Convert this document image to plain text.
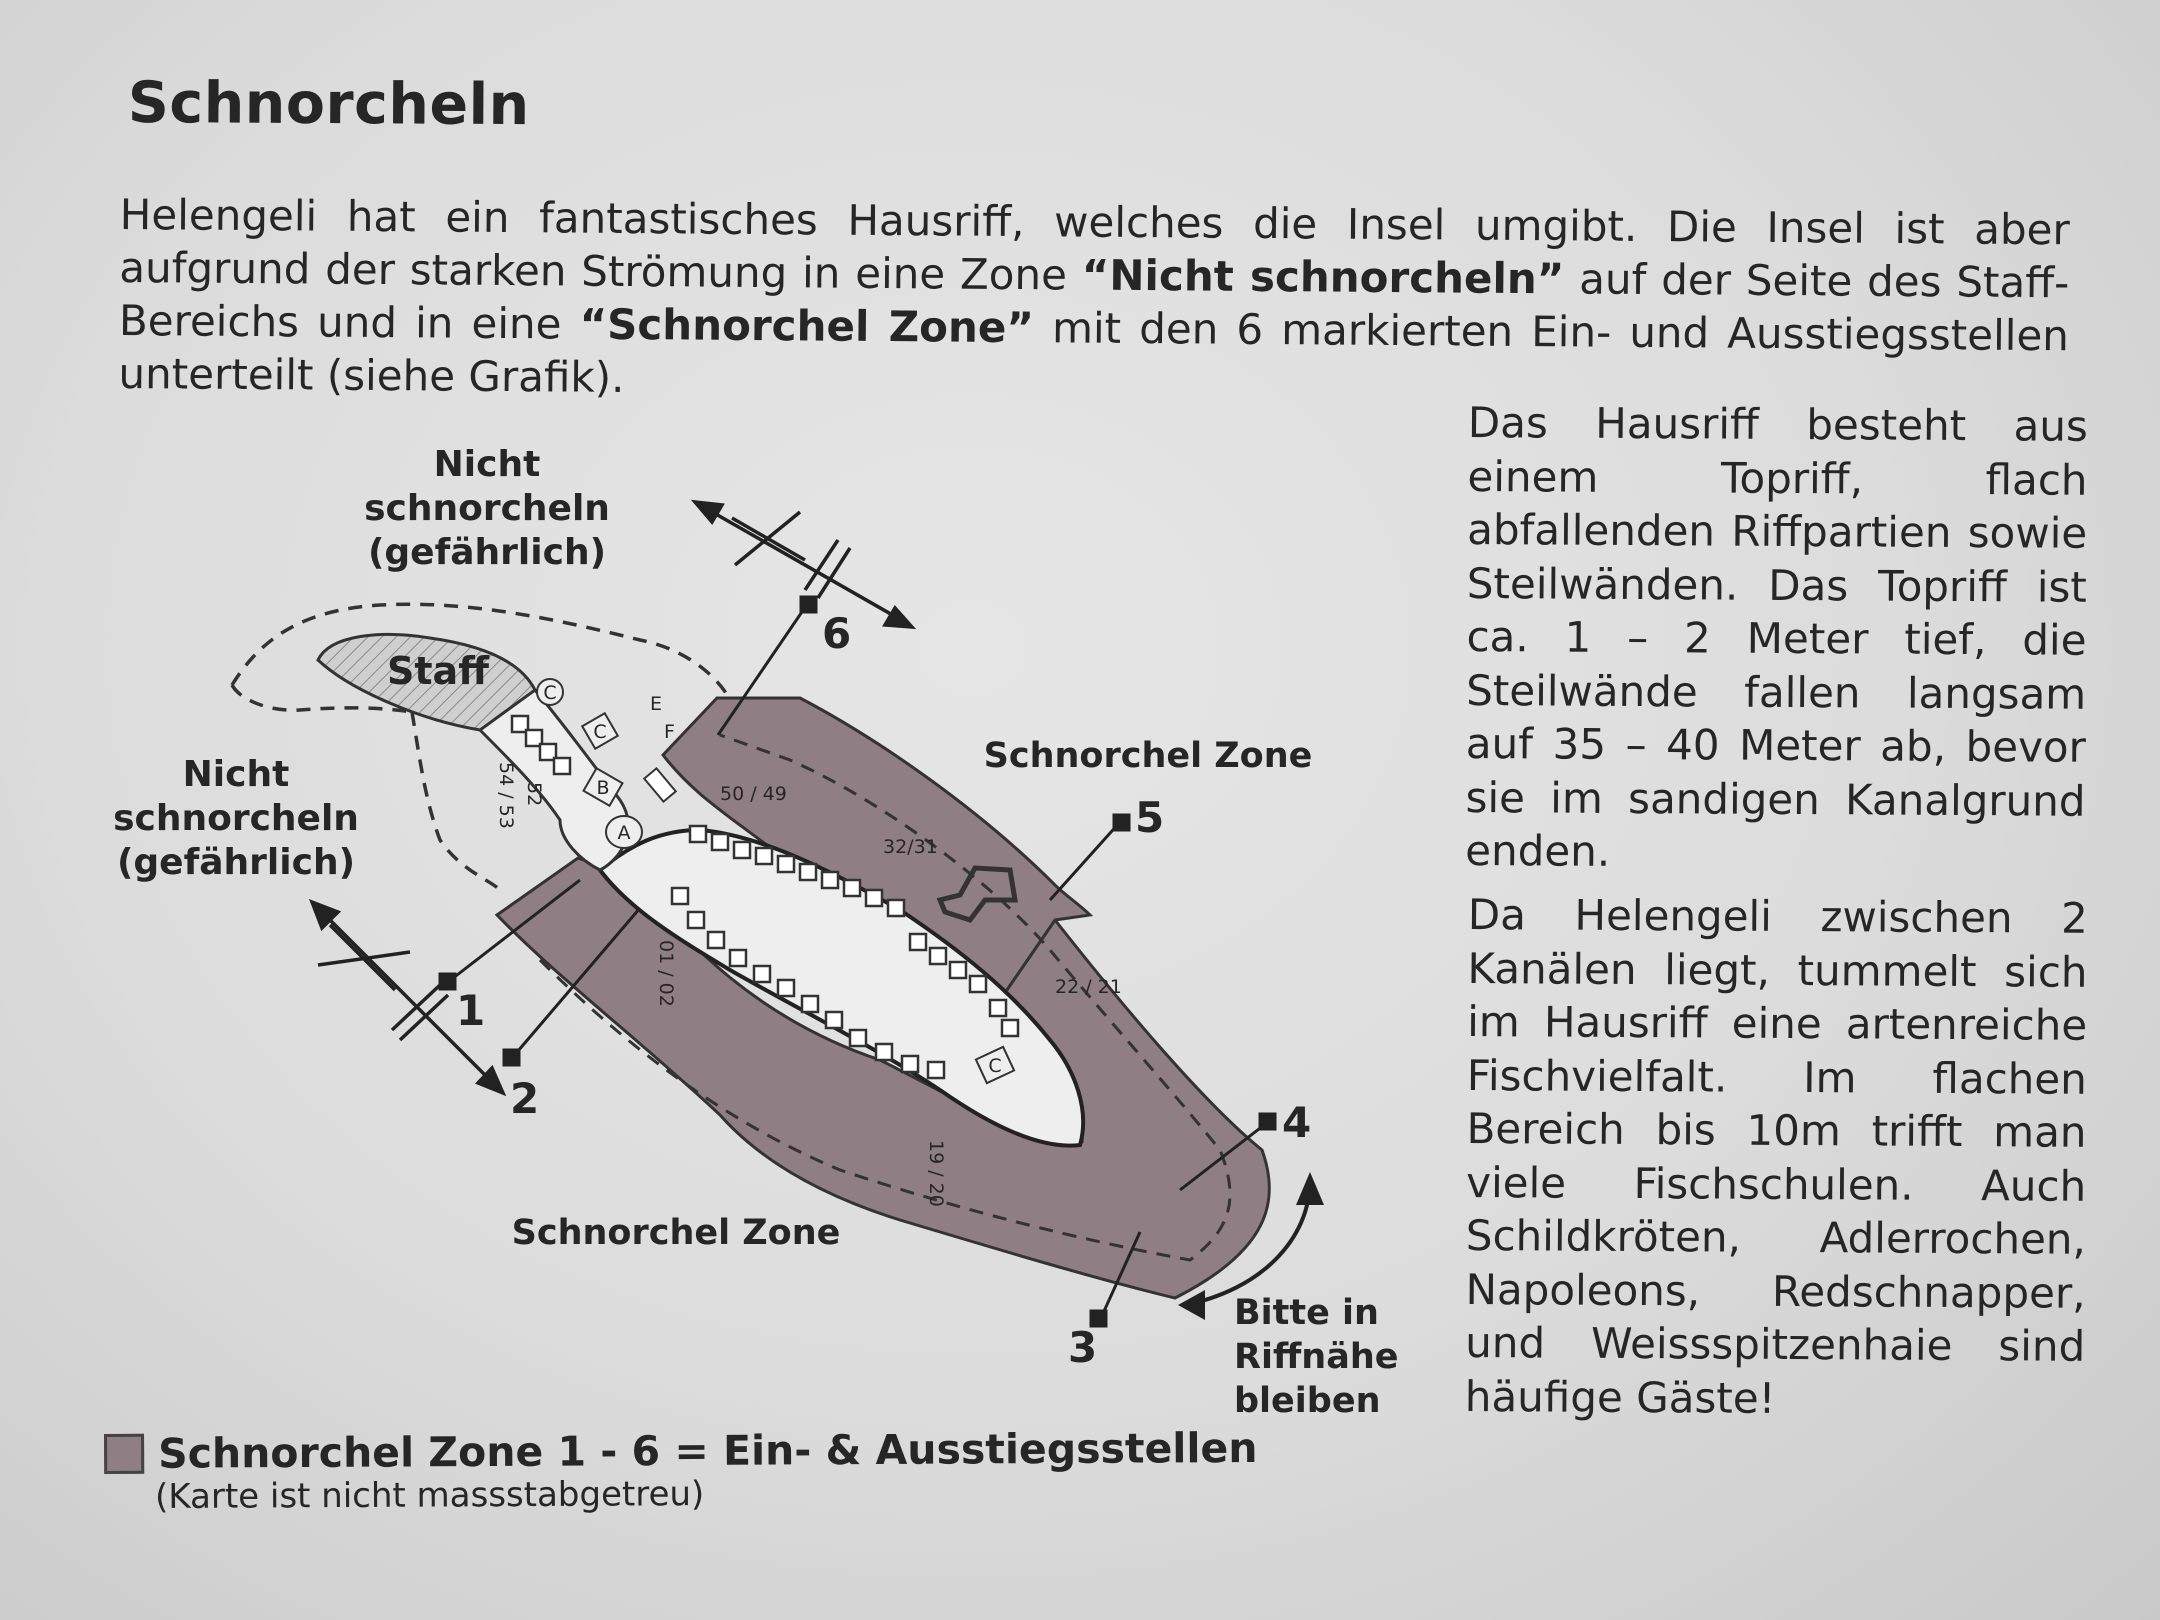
Schnorcheln
Helengeli hat ein fantastisches Hausriff, welches die Insel umgibt. Die Insel ist aber aufgrund der starken Strömung in eine Zone “Nicht schnorcheln” auf der Seite des Staff-Bereichs und in eine “Schnorchel Zone” mit den 6 markierten Ein- und Ausstiegsstellen unterteilt (siehe Grafik).
C
C
B
A
C
E
F
50 / 49
32/31
22 / 21
19 / 20
01 / 02
52
54 / 53
1
2
3
4
5
6
Nicht
schnorcheln
(gefährlich)
Nicht
schnorcheln
(gefährlich)
Staff
Schnorchel Zone
Schnorchel Zone
Bitte in
Riffnähe
bleiben
Das Hausriff besteht aus einem Topriff, flach abfallenden Riffpartien sowie Steilwänden. Das Topriff ist ca. 1 – 2 Meter tief, die Steilwände fallen langsam auf 35 – 40 Meter ab, bevor sie im sandigen Kanalgrund enden.
Da Helengeli zwischen 2 Kanälen liegt, tummelt sich im Hausriff eine artenreiche Fischvielfalt. Im flachen Bereich bis 10m trifft man viele Fischschulen. Auch Schildkröten, Adlerrochen, Napoleons, Redschnapper, und Weissspitzenhaie sind häufige Gäste!
Schnorchel Zone 1 - 6 = Ein- & Ausstiegsstellen
(Karte ist nicht massstabgetreu)
